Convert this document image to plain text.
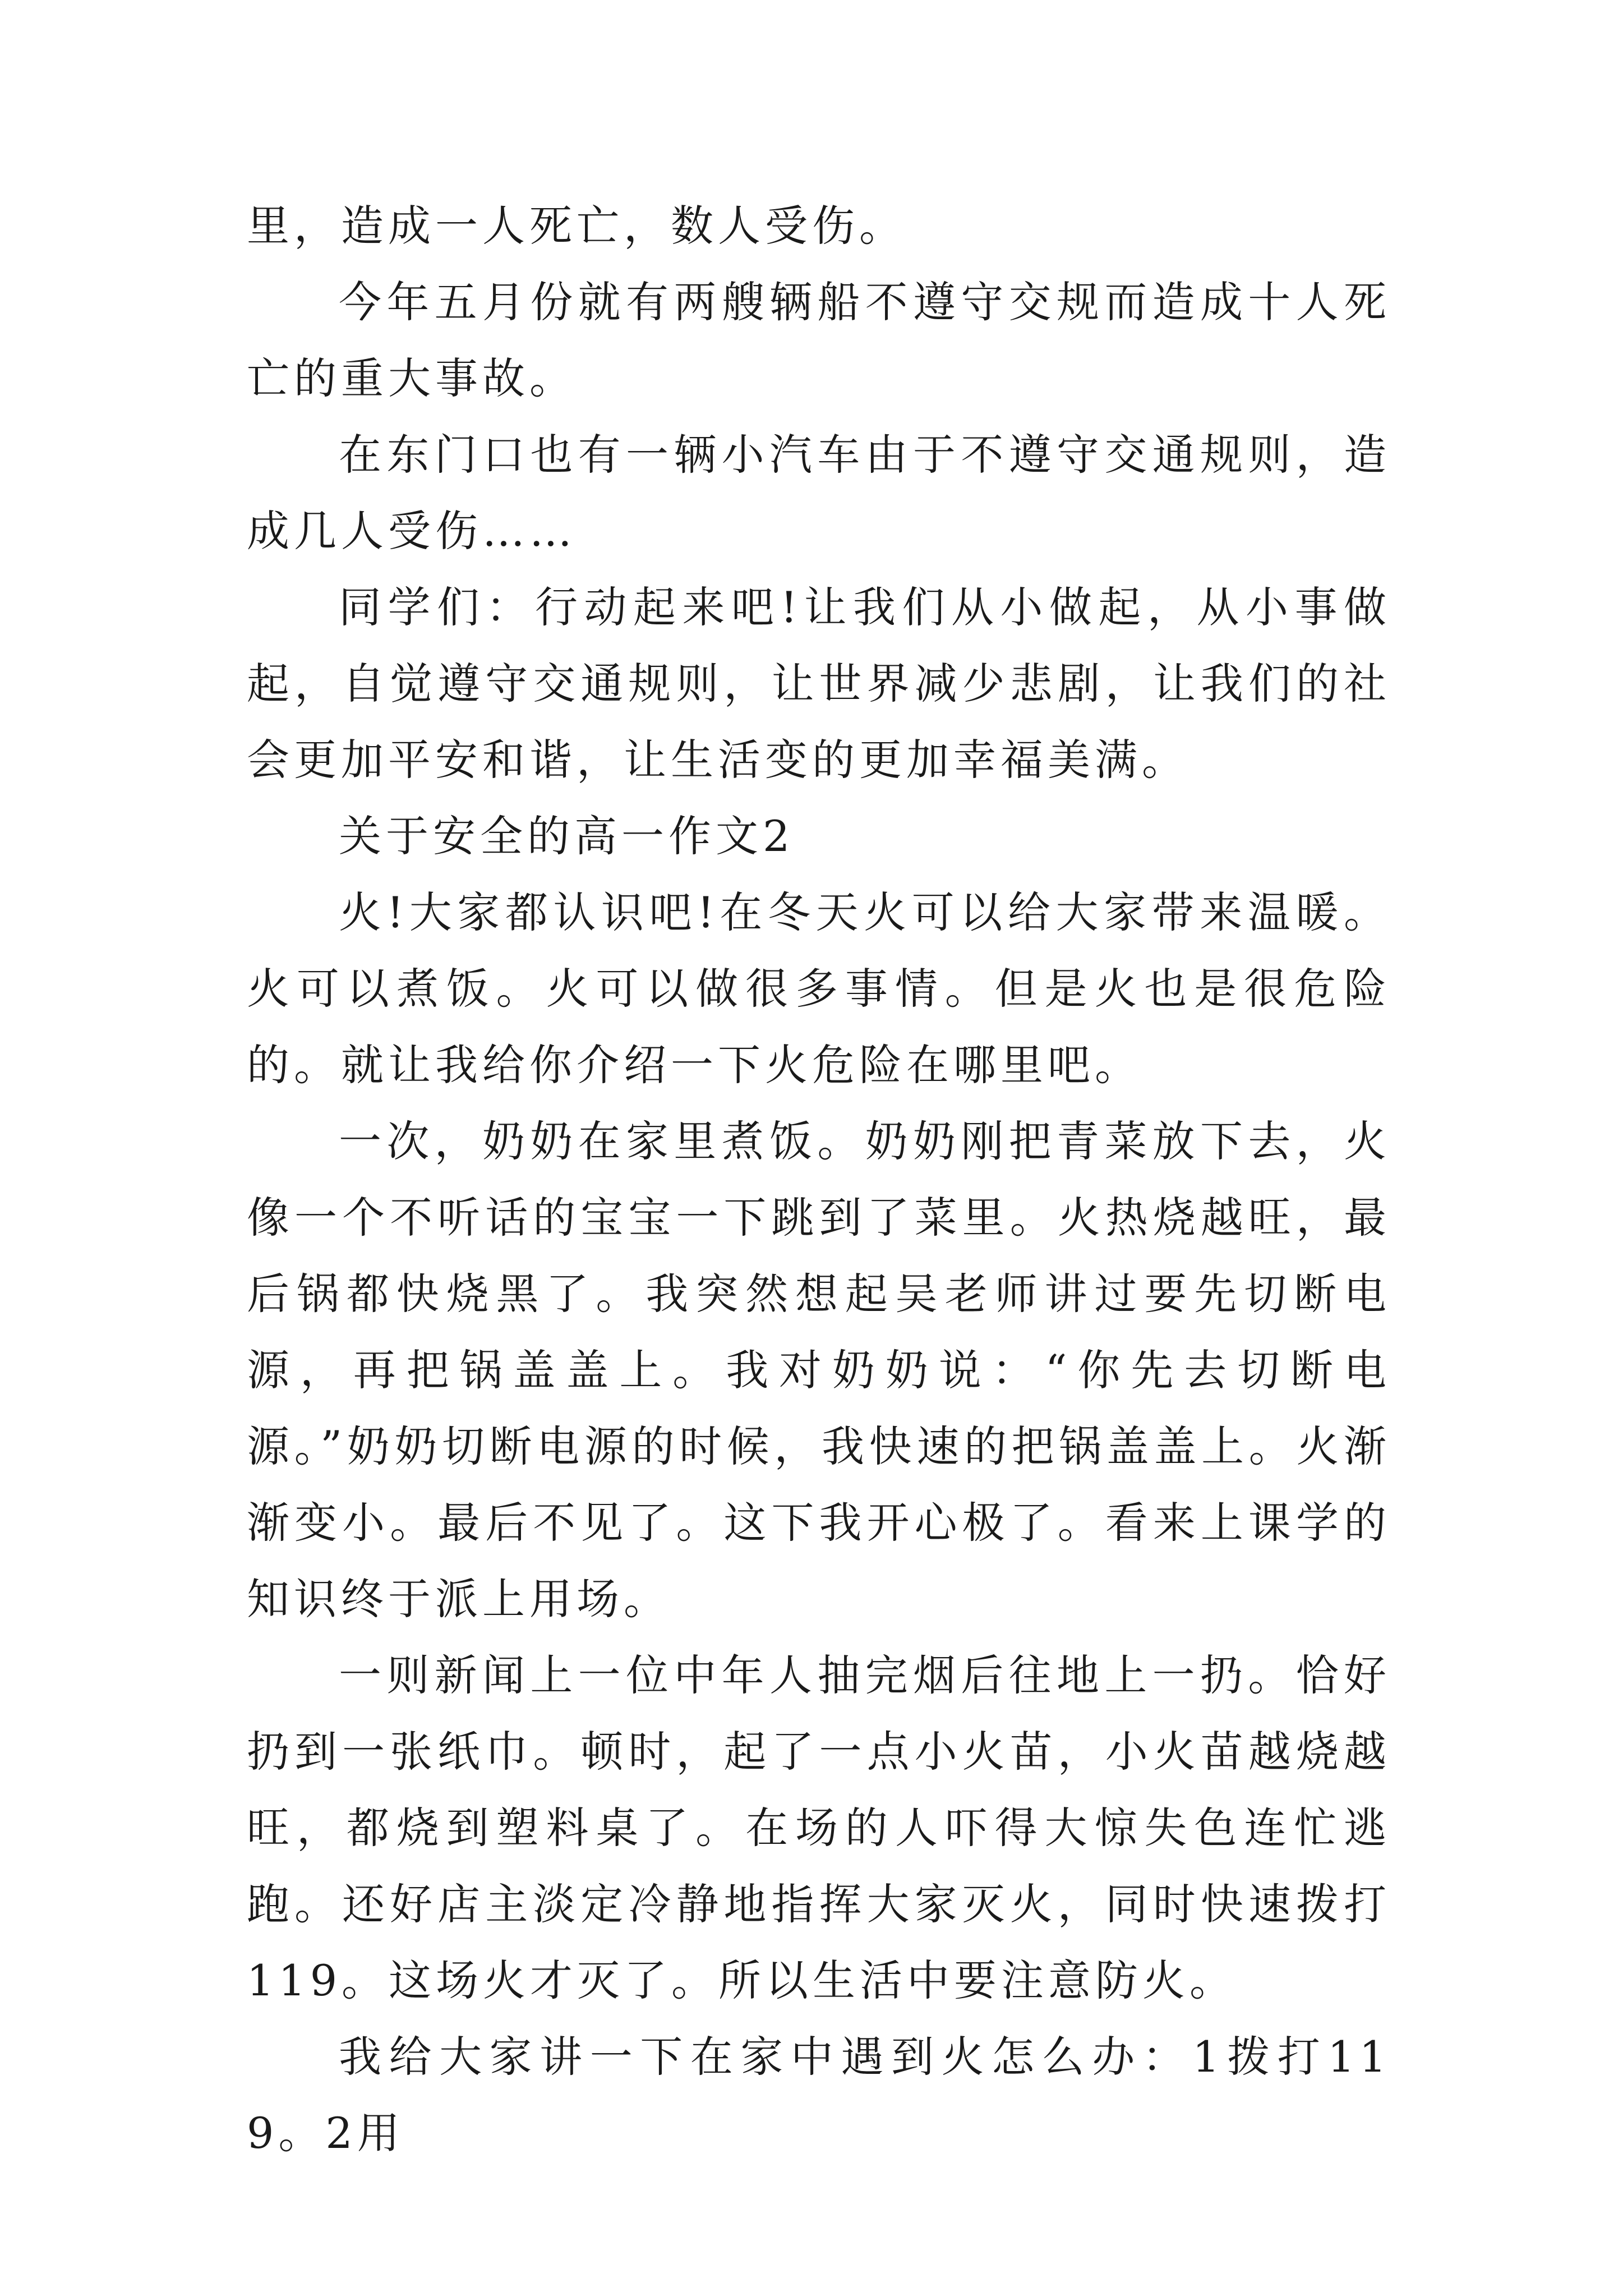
里，造成一人死亡，数人受伤。

今年五月份就有两艘辆船不遵守交规而造成十人死亡的重大事故。

在东门口也有一辆小汽车由于不遵守交通规则，造成几人受伤……

同学们：行动起来吧!让我们从小做起，从小事做起，自觉遵守交通规则，让世界减少悲剧，让我们的社会更加平安和谐，让生活变的更加幸福美满。

关于安全的高一作文2

火!大家都认识吧!在冬天火可以给大家带来温暖。火可以煮饭。火可以做很多事情。但是火也是很危险的。就让我给你介绍一下火危险在哪里吧。

一次，奶奶在家里煮饭。奶奶刚把青菜放下去，火像一个不听话的宝宝一下跳到了菜里。火热烧越旺，最后锅都快烧黑了。我突然想起吴老师讲过要先切断电源，再把锅盖盖上。我对奶奶说：“你先去切断电源。”奶奶切断电源的时候，我快速的把锅盖盖上。火渐渐变小。最后不见了。这下我开心极了。看来上课学的知识终于派上用场。

一则新闻上一位中年人抽完烟后往地上一扔。恰好扔到一张纸巾。顿时，起了一点小火苗，小火苗越烧越旺，都烧到塑料桌了。在场的人吓得大惊失色连忙逃跑。还好店主淡定冷静地指挥大家灭火，同时快速拨打119。这场火才灭了。所以生活中要注意防火。

我给大家讲一下在家中遇到火怎么办：1拨打119。2用
